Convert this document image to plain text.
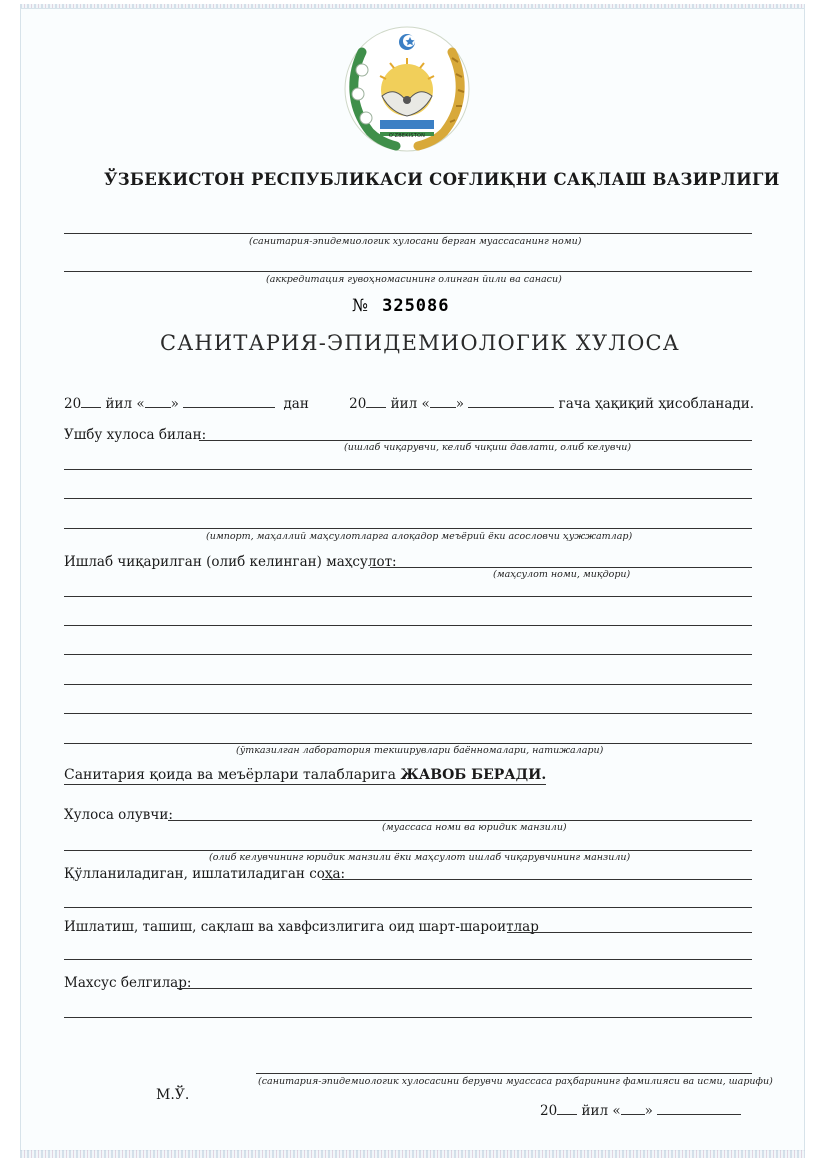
O'ZBEKISTON
ЎЗБЕКИСТОН РЕСПУБЛИКАСИ СОҒЛИҚНИ САҚЛАШ ВАЗИРЛИГИ
(санитария-эпидемиологик хулосани берган муассасанинг номи)
(аккредитация гувоҳномасининг олинган йили ва санаси)
№ 325086
САНИТАРИЯ-ЭПИДЕМИОЛОГИК ХУЛОСА
20 йил « »	дан	20 йил « »	гача ҳақиқий ҳисобланади.
Ушбу хулоса билан:
(ишлаб чиқарувчи, келиб чиқиш давлати, олиб келувчи)
(импорт, маҳаллий маҳсулотларга алоқадор меъёрий ёки асословчи ҳужжатлар)
Ишлаб чиқарилган (олиб келинган) маҳсулот:
(маҳсулот номи, миқдори)
(ўтказилган лаборатория текширувлари баённомалари, натижалари)
Санитария қоида ва меъёрлари талабларига ЖАВОБ БЕРАДИ.
Хулоса олувчи:
(муассаса номи ва юридик манзили)
(олиб келувчининг юридик манзили ёки маҳсулот ишлаб чиқарувчининг манзили)
Қўлланиладиган, ишлатиладиган соҳа:
Ишлатиш, ташиш, сақлаш ва хавфсизлигига оид шарт-шароитлар
Махсус белгилар:
(санитария-эпидемиологик хулосасини берувчи муассаса раҳбарининг фамилияси ва исми, шарифи)
М.Ў.
20 йил « »
